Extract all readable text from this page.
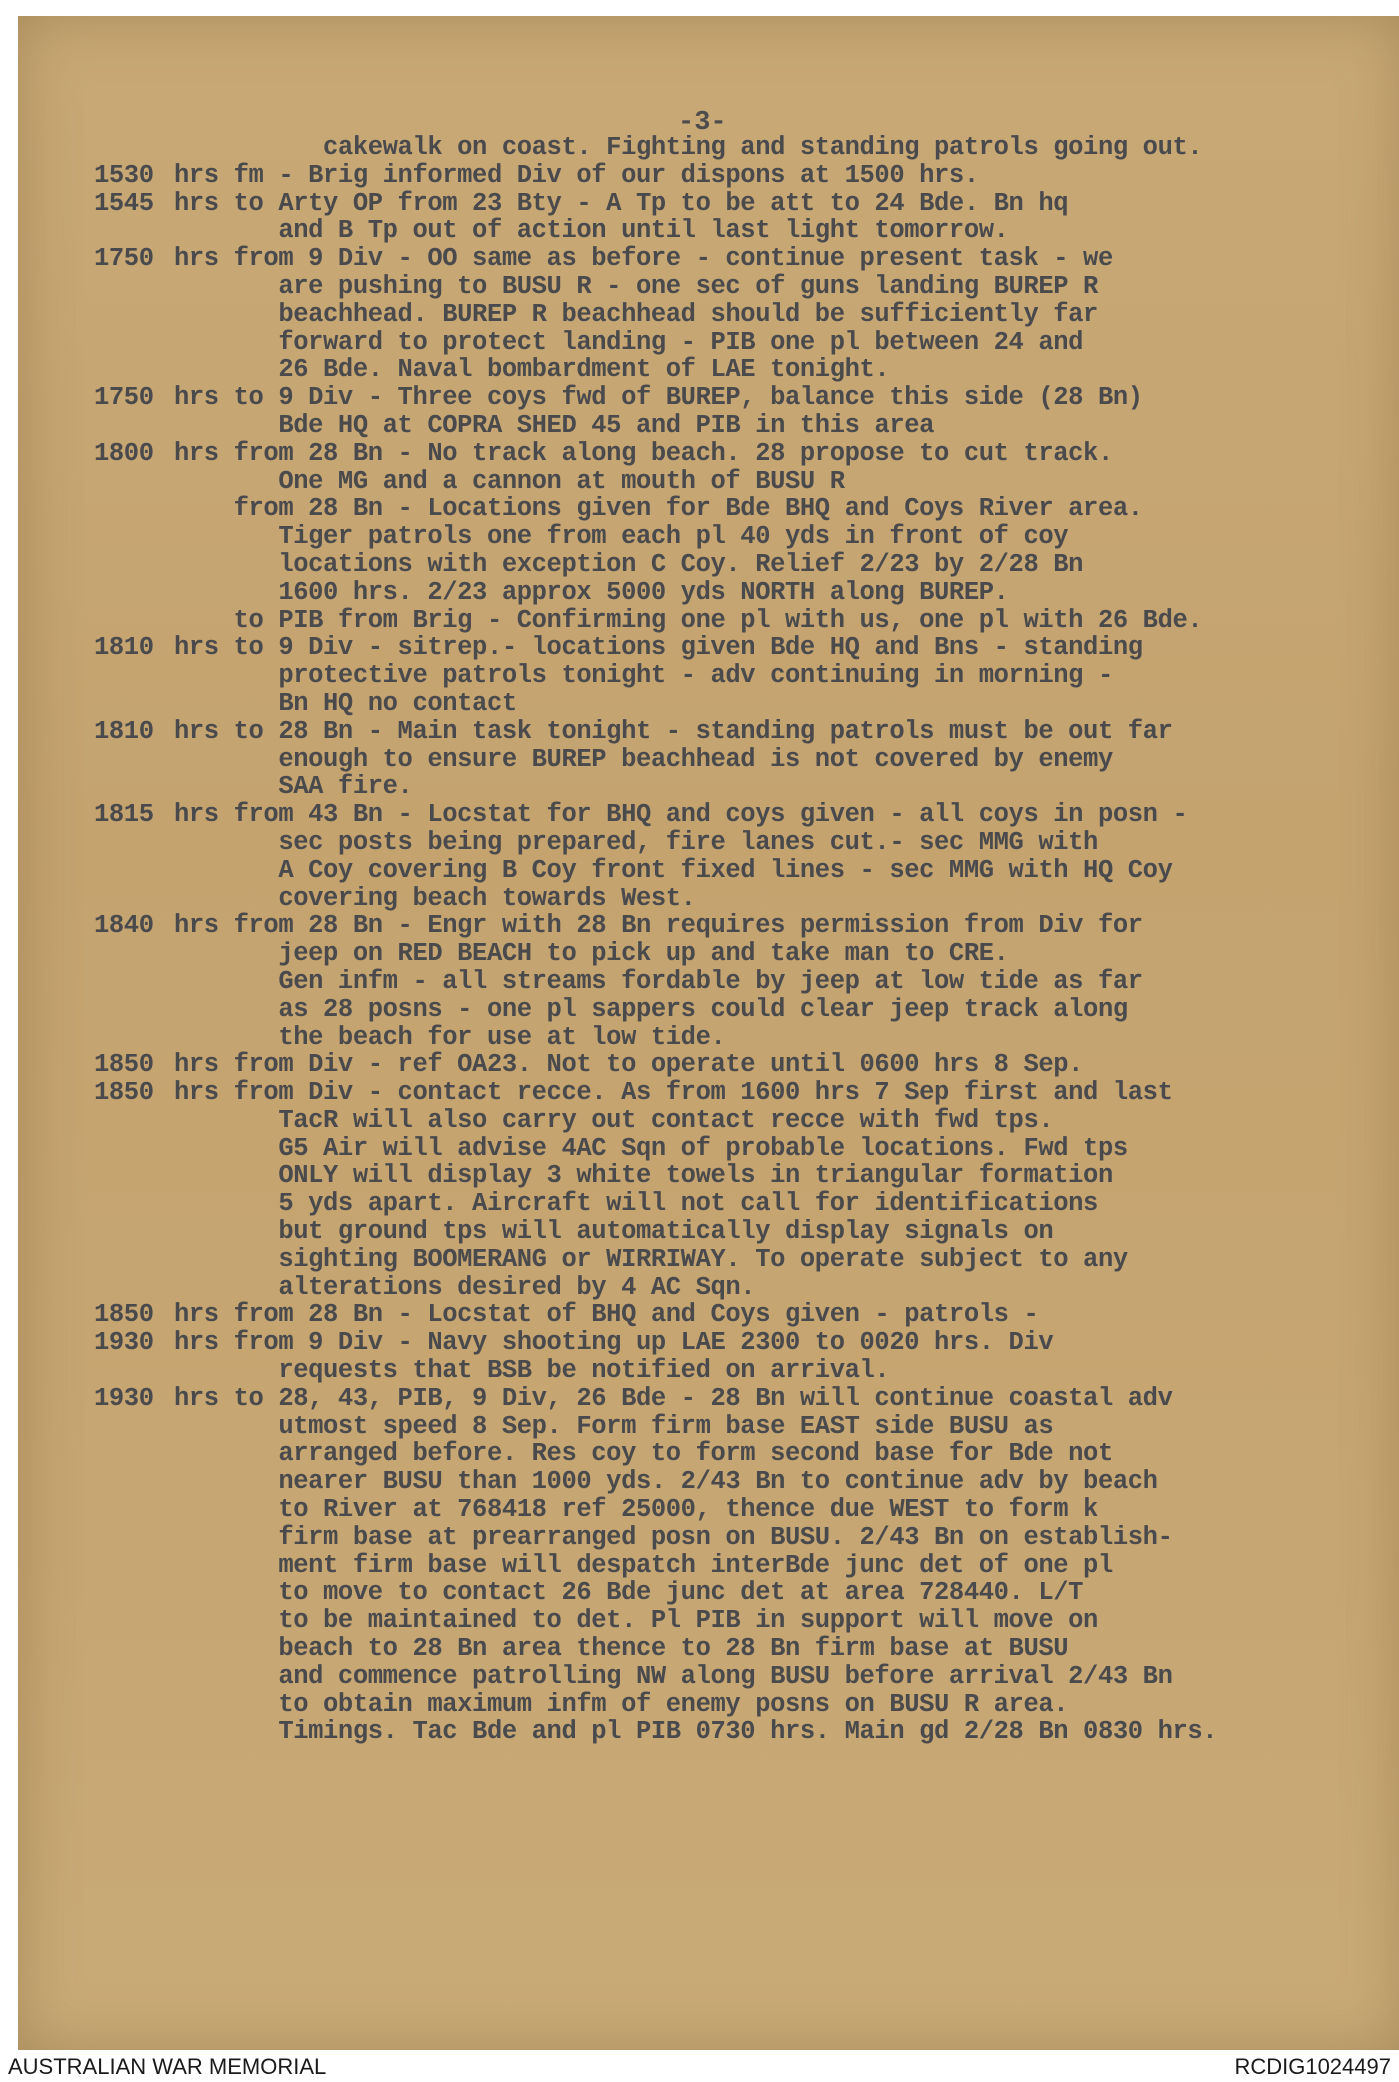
-3-
cakewalk on coast. Fighting and standing patrols going out.
1530 hrs fm - Brig informed Div of our dispons at 1500 hrs.
1545 hrs to Arty OP from 23 Bty - A Tp to be att to 24 Bde. Bn hq
and B Tp out of action until last light tomorrow.
1750 hrs from 9 Div - OO same as before - continue present task - we
are pushing to BUSU R - one sec of guns landing BUREP R
beachhead. BUREP R beachhead should be sufficiently far
forward to protect landing - PIB one pl between 24 and
26 Bde. Naval bombardment of LAE tonight.
1750 hrs to 9 Div - Three coys fwd of BUREP, balance this side (28 Bn)
Bde HQ at COPRA SHED 45 and PIB in this area
1800 hrs from 28 Bn - No track along beach. 28 propose to cut track.
One MG and a cannon at mouth of BUSU R
from 28 Bn - Locations given for Bde BHQ and Coys River area.
Tiger patrols one from each pl 40 yds in front of coy
locations with exception C Coy. Relief 2/23 by 2/28 Bn
1600 hrs. 2/23 approx 5000 yds NORTH along BUREP.
to PIB from Brig - Confirming one pl with us, one pl with 26 Bde.
1810 hrs to 9 Div - sitrep.- locations given Bde HQ and Bns - standing
protective patrols tonight - adv continuing in morning -
Bn HQ no contact
1810 hrs to 28 Bn - Main task tonight - standing patrols must be out far
enough to ensure BUREP beachhead is not covered by enemy
SAA fire.
1815 hrs from 43 Bn - Locstat for BHQ and coys given - all coys in posn -
sec posts being prepared, fire lanes cut.- sec MMG with
A Coy covering B Coy front fixed lines - sec MMG with HQ Coy
covering beach towards West.
1840 hrs from 28 Bn - Engr with 28 Bn requires permission from Div for
jeep on RED BEACH to pick up and take man to CRE.
Gen infm - all streams fordable by jeep at low tide as far
as 28 posns - one pl sappers could clear jeep track along
the beach for use at low tide.
1850 hrs from Div - ref OA23. Not to operate until 0600 hrs 8 Sep.
1850 hrs from Div - contact recce. As from 1600 hrs 7 Sep first and last
TacR will also carry out contact recce with fwd tps.
G5 Air will advise 4AC Sqn of probable locations. Fwd tps
ONLY will display 3 white towels in triangular formation
5 yds apart. Aircraft will not call for identifications
but ground tps will automatically display signals on
sighting BOOMERANG or WIRRIWAY. To operate subject to any
alterations desired by 4 AC Sqn.
1850 hrs from 28 Bn - Locstat of BHQ and Coys given - patrols -
1930 hrs from 9 Div - Navy shooting up LAE 2300 to 0020 hrs. Div
requests that BSB be notified on arrival.
1930 hrs to 28, 43, PIB, 9 Div, 26 Bde - 28 Bn will continue coastal adv
utmost speed 8 Sep. Form firm base EAST side BUSU as
arranged before. Res coy to form second base for Bde not
nearer BUSU than 1000 yds. 2/43 Bn to continue adv by beach
to River at 768418 ref 25000, thence due WEST to form k
firm base at prearranged posn on BUSU. 2/43 Bn on establish-
ment firm base will despatch interBde junc det of one pl
to move to contact 26 Bde junc det at area 728440. L/T
to be maintained to det. Pl PIB in support will move on
beach to 28 Bn area thence to 28 Bn firm base at BUSU
and commence patrolling NW along BUSU before arrival 2/43 Bn
to obtain maximum infm of enemy posns on BUSU R area.
Timings. Tac Bde and pl PIB 0730 hrs. Main gd 2/28 Bn 0830 hrs.
AUSTRALIAN WAR MEMORIAL	RCDIG1024497
